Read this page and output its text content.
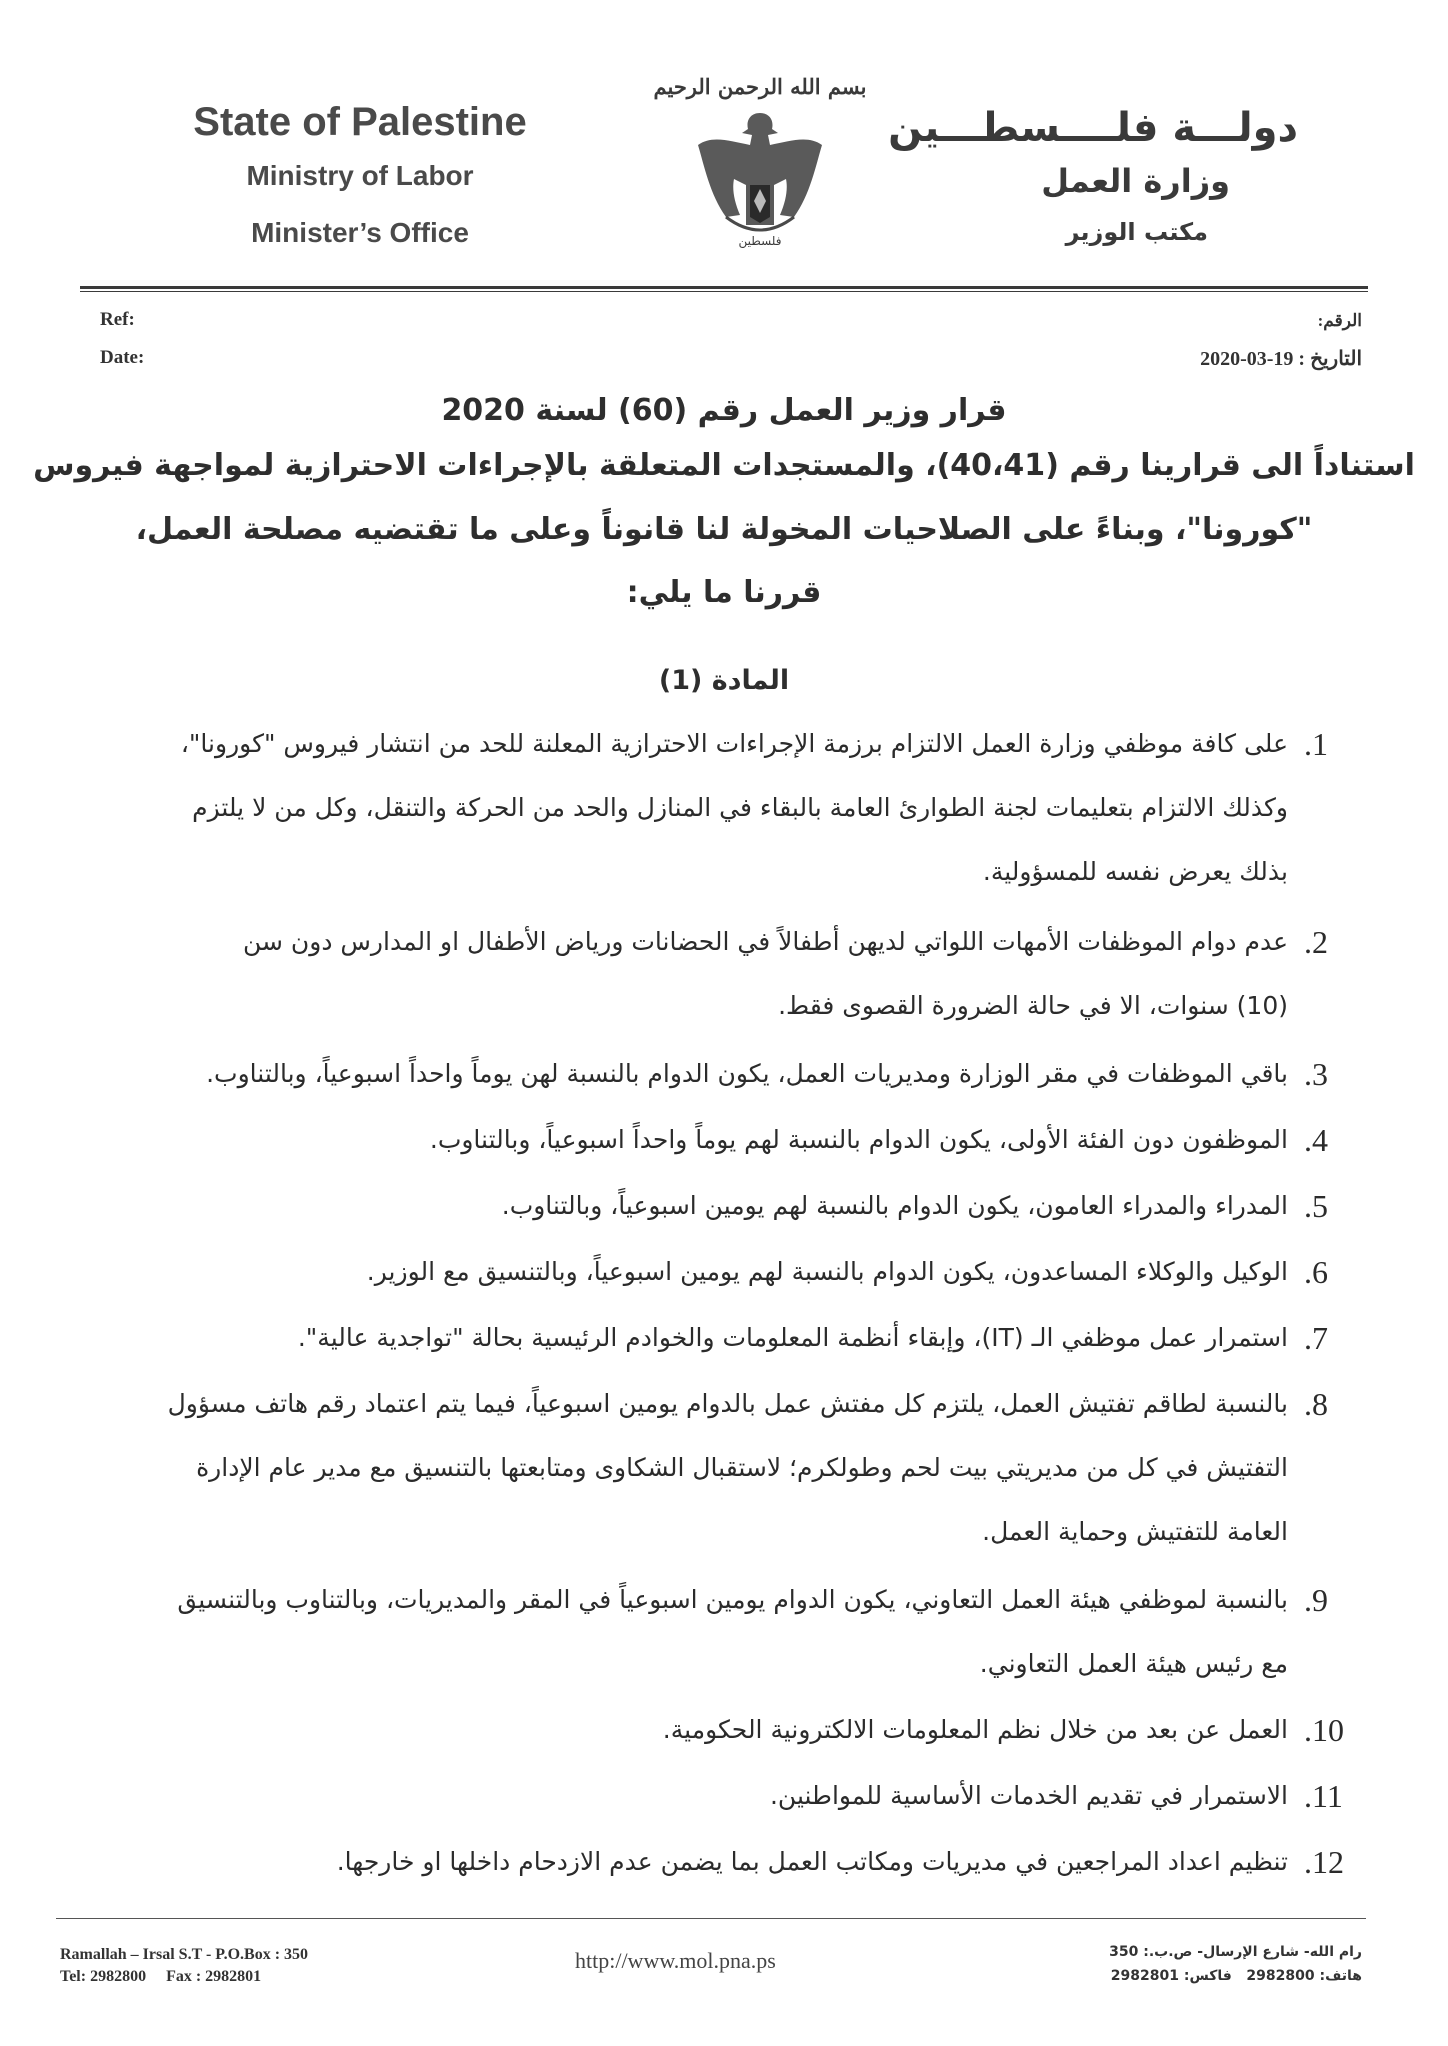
State of Palestine
Ministry of Labor
Minister’s Office
بسم الله الرحمن الرحيم
فلسطين
دولـــة فلــــسطـــين
وزارة العمل
مكتب الوزير
Ref:
Date:
الرقم:
التاريخ : 19-03-2020
قرار وزير العمل رقم (60) لسنة 2020
استناداً الى قرارينا رقم (40،41)، والمستجدات المتعلقة بالإجراءات الاحترازية لمواجهة فيروس
"كورونا"، وبناءً على الصلاحيات المخولة لنا قانوناً وعلى ما تقتضيه مصلحة العمل،
قررنا ما يلي:
المادة (1)
1.
على كافة موظفي وزارة العمل الالتزام برزمة الإجراءات الاحترازية المعلنة للحد من انتشار فيروس "كورونا"،
وكذلك الالتزام بتعليمات لجنة الطوارئ العامة بالبقاء في المنازل والحد من الحركة والتنقل، وكل من لا يلتزم
بذلك يعرض نفسه للمسؤولية.
2.
عدم دوام الموظفات الأمهات اللواتي لديهن أطفالاً في الحضانات ورياض الأطفال او المدارس دون سن
(10) سنوات، الا في حالة الضرورة القصوى فقط.
3.
باقي الموظفات في مقر الوزارة ومديريات العمل، يكون الدوام بالنسبة لهن يوماً واحداً اسبوعياً، وبالتناوب.
4.
الموظفون دون الفئة الأولى، يكون الدوام بالنسبة لهم يوماً واحداً اسبوعياً، وبالتناوب.
5.
المدراء والمدراء العامون، يكون الدوام بالنسبة لهم يومين اسبوعياً، وبالتناوب.
6.
الوكيل والوكلاء المساعدون، يكون الدوام بالنسبة لهم يومين اسبوعياً، وبالتنسيق مع الوزير.
7.
استمرار عمل موظفي الـ (IT)، وإبقاء أنظمة المعلومات والخوادم الرئيسية بحالة "تواجدية عالية".
8.
بالنسبة لطاقم تفتيش العمل، يلتزم كل مفتش عمل بالدوام يومين اسبوعياً، فيما يتم اعتماد رقم هاتف مسؤول
التفتيش في كل من مديريتي بيت لحم وطولكرم؛ لاستقبال الشكاوى ومتابعتها بالتنسيق مع مدير عام الإدارة
العامة للتفتيش وحماية العمل.
9.
بالنسبة لموظفي هيئة العمل التعاوني، يكون الدوام يومين اسبوعياً في المقر والمديريات، وبالتناوب وبالتنسيق
مع رئيس هيئة العمل التعاوني.
10.
العمل عن بعد من خلال نظم المعلومات الالكترونية الحكومية.
11.
الاستمرار في تقديم الخدمات الأساسية للمواطنين.
12.
تنظيم اعداد المراجعين في مديريات ومكاتب العمل بما يضمن عدم الازدحام داخلها او خارجها.
Ramallah – Irsal S.T - P.O.Box : 350
Tel: 2982800     Fax : 2982801
http://www.mol.pna.ps	رام الله- شارع الإرسال- ص.ب.: 350
هاتف: 2982800   فاكس: 2982801
